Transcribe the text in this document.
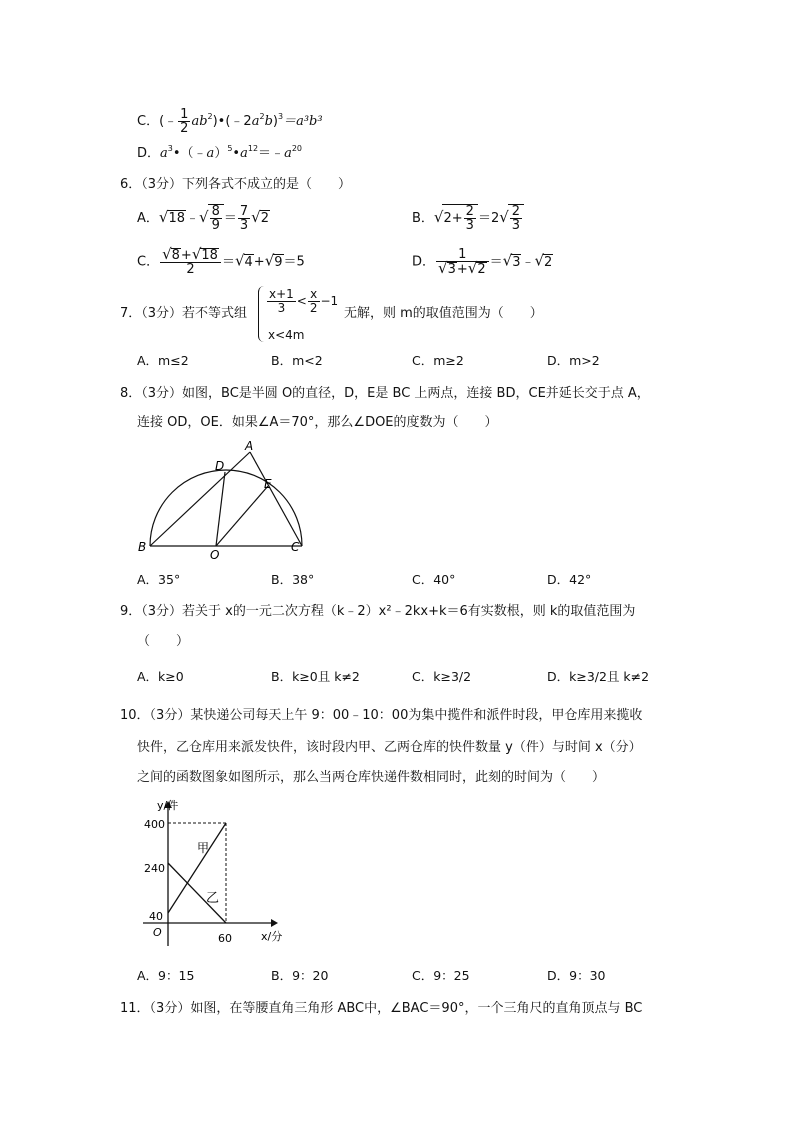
C．(﹣ $\frac{1}{2}$ $ab^2)•(﹣2a^2b)^3=a^3b^3$
D．$a^3•(﹣a)^5•a^{12}=﹣a^{20}$
6．（3分）下列各式不成立的是（　　）
A．√18﹣√ $\frac{8}{9} = \frac{7}{3} √2$	B．$√2+ \frac{2}{3} =2√ \frac{2}{3}$
C． $\frac{√8+√18}{2} =√4+√9=5$	D． $\frac{1}{√3+√2}$ ＝√3﹣√2
7．（3分）若不等式组 $\frac{x+1}{3} < \frac{x}{2} -1$
x<4m
无解，则 m的取值范围为（　　）
A．m≤2	B．m<2	C．m≥2	D．m>2
8．（3分）如图，BC是半圆 O的直径，D，E是 BC 上两点，连接 BD，CE并延长交于点 A，
连接 OD，OE．如果∠A＝70°，那么∠DOE的度数为（　　）
A
D
E
B
O
C
A．35°	B．38°	C．40°	D．42°
9．（3分）若关于 x的一元二次方程（k﹣2）x²﹣2kx+k＝6有实数根，则 k的取值范围为
（　　）
A．k≥0	B．k≥0且 k≠2	C．k≥3/2	D．k≥3/2且 k≠2
10．（3分）某快递公司每天上午 9：00﹣10：00为集中揽件和派件时段，甲仓库用来揽收
快件，乙仓库用来派发快件，该时段内甲、乙两仓库的快件数量 y（件）与时间 x（分）
之间的函数图象如图所示，那么当两仓库快递件数相同时，此刻的时间为（　　）
y/件
x/分
O
400
240
40
60
甲
乙
A．9：15	B．9：20	C．9：25	D．9：30
11．（3分）如图，在等腰直角三角形 ABC中，∠BAC＝90°，一个三角尺的直角顶点与 BC
